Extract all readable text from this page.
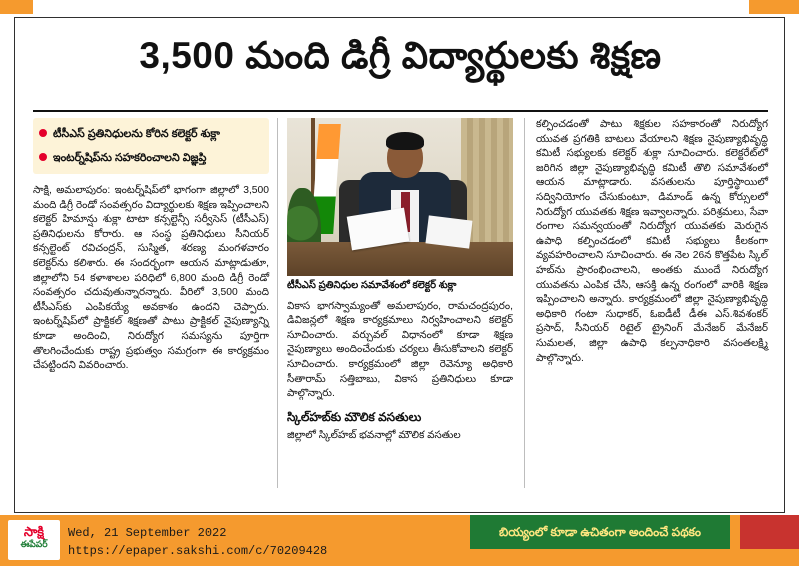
3,500 మంది డిగ్రీ విద్యార్థులకు శిక్షణ
టీసీఎస్ ప్రతినిధులను కోరిన కలెక్టర్ శుక్లా
ఇంటర్న్‌షిప్‌ను సహకరించాలని విజ్ఞప్తి

సాక్షి, అమలాపురం: ఇంటర్న్‌షిప్‌లో భాగంగా జిల్లాలో 3,500 మంది డిగ్రీ రెండో సంవత్సరం విద్యార్థులకు శిక్షణ ఇప్పించాలని కలెక్టర్ హిమాన్షు శుక్లా టాటా కన్సల్టెన్సీ సర్వీసెస్ (టీసీఎస్) ప్రతినిధులను కోరారు. ఆ సంస్థ ప్రతినిధులు సీనియర్ కన్సల్టెంట్ రవిచంద్రన్, సుస్మిత, శరణ్య మంగళవారం కలెక్టర్‌ను కలిశారు. ఈ సందర్భంగా ఆయన మాట్లాడుతూ, జిల్లాలోని 54 కళాశాలల పరిధిలో 6,800 మంది డిగ్రీ రెండో సంవత్సరం చదువుతున్నారన్నారు. వీరిలో 3,500 మంది టీసీఎస్‌కు ఎంపికయ్యే అవకాశం ఉందని చెప్పారు. ఇంటర్న్‌షిప్‌లో ప్రాక్టికల్ శిక్షణతో పాటు ప్రాక్టికల్ నైపుణ్యాన్ని కూడా అందించి, నిరుద్యోగ సమస్యను పూర్తిగా తొలగించేందుకు రాష్ట్ర ప్రభుత్వం సమగ్రంగా ఈ కార్యక్రమం చేపట్టిందని వివరించారు.

టీసీఎస్ ప్రతినిధుల సమావేశంలో కలెక్టర్ శుక్లా

వికాస భాగస్వామ్యంతో అమలాపురం, రామచంద్రపురం, డివిజన్లలో శిక్షణ కార్యక్రమాలు నిర్వహించాలని కలెక్టర్ సూచించారు. వర్చువల్ విధానంలో కూడా శిక్షణ నైపుణ్యాలు అందించేందుకు చర్యలు తీసుకోవాలని కలెక్టర్ సూచించారు. కార్యక్రమంలో జిల్లా రెవెన్యూ అధికారి సీతారామ్ సత్తిబాబు, వికాస ప్రతినిధులు కూడా పాల్గొన్నారు.

స్కిల్‌హబ్‌కు మౌలిక వసతులు

జిల్లాలో స్కిల్‌హబ్ భవనాల్లో మౌలిక వసతుల

కల్పించడంతో పాటు శిక్షకుల సహకారంతో నిరుద్యోగ యువత ప్రగతికి బాటలు వేయాలని శిక్షణ నైపుణ్యాభివృద్ధి కమిటీ సభ్యులకు కలెక్టర్ శుక్లా సూచించారు. కలెక్టరేట్‌లో జరిగిన జిల్లా నైపుణ్యాభివృద్ధి కమిటీ తొలి సమావేశంలో ఆయన మాట్లాడారు. వసతులను పూర్తిస్థాయిలో సద్వినియోగం చేసుకుంటూ, డిమాండ్ ఉన్న కోర్సులలో నిరుద్యోగ యువతకు శిక్షణ ఇవ్వాలన్నారు. పరిశ్రమలు, సేవా రంగాల సమన్వయంతో నిరుద్యోగ యువతకు మెరుగైన ఉపాధి కల్పించడంలో కమిటీ సభ్యులు కీలకంగా వ్యవహరించాలని సూచించారు. ఈ నెల 26న కొత్తపేట స్కిల్ హబ్‌ను ప్రారంభించాలని, అంతకు ముందే నిరుద్యోగ యువతను ఎంపిక చేసి, ఆసక్తి ఉన్న రంగంలో వారికి శిక్షణ ఇప్పించాలని అన్నారు. కార్యక్రమంలో జిల్లా నైపుణ్యాభివృద్ధి అధికారి గంటా సుధాకర్, ఓఐడీటీ డీఈ ఎస్.శివశంకర్ ప్రసాద్, సీనియర్ రిటైల్ ట్రైనింగ్ మేనేజర్ మేనేజర్ సుమలత, జిల్లా ఉపాధి కల్పనాధికారి వసంతలక్ష్మి పాల్గొన్నారు.

బియ్యంలో కూడా ఉచితంగా అందించే పథకం
సాక్షి
ఈపేపర్
Wed, 21 September 2022
https://epaper.sakshi.com/c/70209428
